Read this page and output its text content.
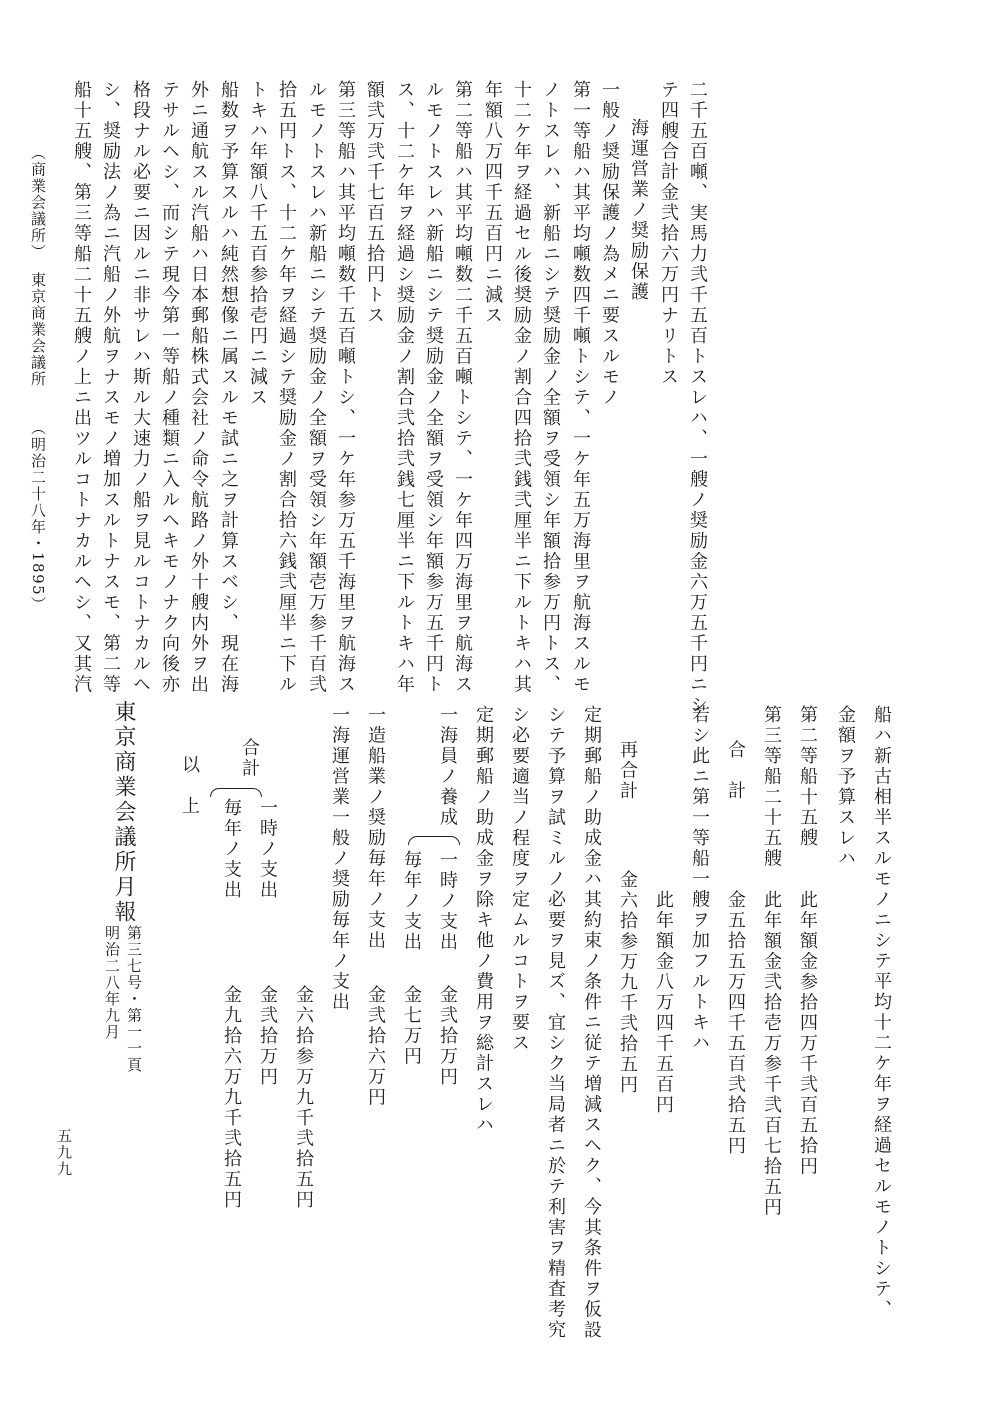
（商業会議所）
東京商業会議所
（明治二十八年・1895）
船ハ新古相半スルモノニシテ平均十二ケ年ヲ経過セルモノトシテ、
金額ヲ予算スレハ
第二等船十五艘
此年額金参拾四万千弐百五拾円
第三等船二十五艘
此年額金弐拾壱万参千弐百七拾五円
合　計
金五拾五万四千五百弐拾五円
若シ此ニ第一等船一艘ヲ加フルトキハ
此年額金八万四千五百円
再合計
金六拾参万九千弐拾五円
定期郵船ノ助成金ハ其約束ノ条件ニ従テ増減スヘク、今其条件ヲ仮設
シテ予算ヲ試ミルノ必要ヲ見ズ、宜シク当局者ニ於テ利害ヲ精査考究
シ必要適当ノ程度ヲ定ムルコトヲ要ス
定期郵船ノ助成金ヲ除キ他ノ費用ヲ総計スレハ
一海員ノ養成
一時ノ支出
金弐拾万円
毎年ノ支出
金七万円
一造船業ノ奨励毎年ノ支出
金弐拾六万円
一海運営業一般ノ奨励毎年ノ支出
金六拾参万九千弐拾五円
合計
一時ノ支出
金弐拾万円
毎年ノ支出
金九拾六万九千弐拾五円
以　上
東京商業会議所月報
第三七号・第一一頁
明治二八年九月
五九九
二千五百噸、実馬力弐千五百トスレハ、一艘ノ奨励金六万五千円ニシ
テ四艘合計金弐拾六万円ナリトス
海運営業ノ奨励保護
一般ノ奨励保護ノ為メニ要スルモノ
第一等船ハ其平均噸数四千噸トシテ、一ケ年五万海里ヲ航海スルモ
ノトスレハ、新船ニシテ奨励金ノ全額ヲ受領シ年額拾参万円トス、
十二ケ年ヲ経過セル後奨励金ノ割合四拾弐銭弐厘半ニ下ルトキハ其
年額八万四千五百円ニ減ス
第二等船ハ其平均噸数二千五百噸トシテ、一ケ年四万海里ヲ航海ス
ルモノトスレハ新船ニシテ奨励金ノ全額ヲ受領シ年額参万五千円ト
ス、十二ケ年ヲ経過シ奨励金ノ割合弐拾弐銭七厘半ニ下ルトキハ年
額弐万弐千七百五拾円トス
第三等船ハ其平均噸数千五百噸トシ、一ケ年参万五千海里ヲ航海ス
ルモノトスレハ新船ニシテ奨励金ノ全額ヲ受領シ年額壱万参千百弐
拾五円トス、十二ケ年ヲ経過シテ奨励金ノ割合拾六銭弐厘半ニ下ル
トキハ年額八千五百参拾壱円ニ減ス
船数ヲ予算スルハ純然想像ニ属スルモ試ニ之ヲ計算スベシ、現在海
外ニ通航スル汽船ハ日本郵船株式会社ノ命令航路ノ外十艘内外ヲ出
テサルヘシ、而シテ現今第一等船ノ種類ニ入ルヘキモノナク向後亦
格段ナル必要ニ因ルニ非サレハ斯ル大速力ノ船ヲ見ルコトナカルヘ
シ、奨励法ノ為ニ汽船ノ外航ヲナスモノ増加スルトナスモ、第二等
船十五艘、第三等船二十五艘ノ上ニ出ツルコトナカルヘシ、又其汽
